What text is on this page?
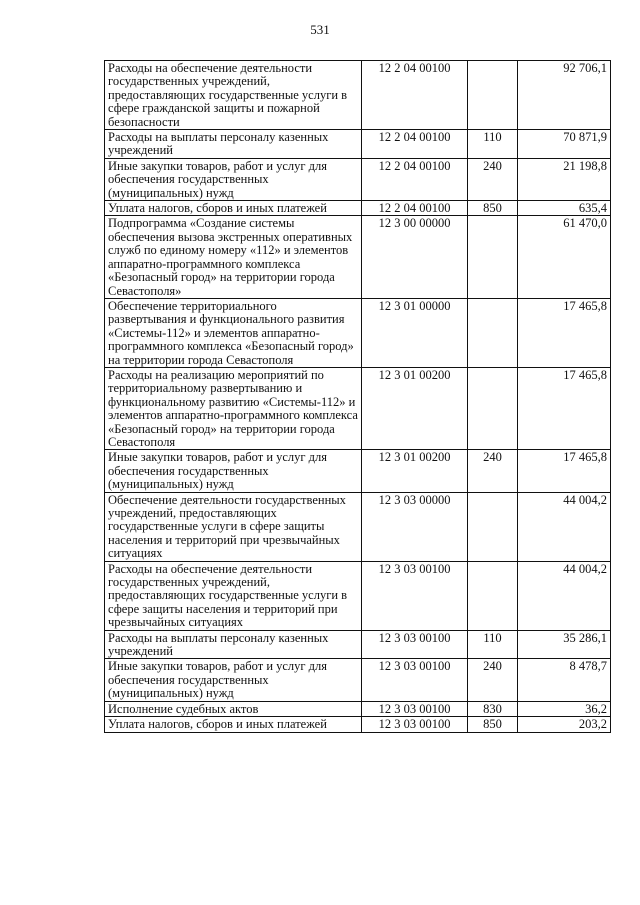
531
Расходы на обеспечение деятельности государственных учреждений, предоставляющих государственные услуги в сфере гражданской защиты и пожарной безопасности	12 2 04 00100		92 706,1
Расходы на выплаты персоналу казенных учреждений	12 2 04 00100	110	70 871,9
Иные закупки товаров, работ и услуг для обеспечения государственных (муниципальных) нужд	12 2 04 00100	240	21 198,8
Уплата налогов, сборов и иных платежей	12 2 04 00100	850	635,4
Подпрограмма «Создание системы обеспечения вызова экстренных оперативных служб по единому номеру «112» и элементов аппаратно-программного комплекса «Безопасный город» на территории города Севастополя»	12 3 00 00000		61 470,0
Обеспечение территориального развертывания и функционального развития «Системы-112» и элементов аппаратно-программного комплекса «Безопасный город» на территории города Севастополя	12 3 01 00000		17 465,8
Расходы на реализацию мероприятий по территориальному развертыванию и функциональному развитию «Системы-112» и элементов аппаратно-программного комплекса «Безопасный город» на территории города Севастополя	12 3 01 00200		17 465,8
Иные закупки товаров, работ и услуг для обеспечения государственных (муниципальных) нужд	12 3 01 00200	240	17 465,8
Обеспечение деятельности государственных учреждений, предоставляющих государственные услуги в сфере защиты населения и территорий при чрезвычайных ситуациях	12 3 03 00000		44 004,2
Расходы на обеспечение деятельности государственных учреждений, предоставляющих государственные услуги в сфере защиты населения и территорий при чрезвычайных ситуациях	12 3 03 00100		44 004,2
Расходы на выплаты персоналу казенных учреждений	12 3 03 00100	110	35 286,1
Иные закупки товаров, работ и услуг для обеспечения государственных (муниципальных) нужд	12 3 03 00100	240	8 478,7
Исполнение судебных актов	12 3 03 00100	830	36,2
Уплата налогов, сборов и иных платежей	12 3 03 00100	850	203,2
